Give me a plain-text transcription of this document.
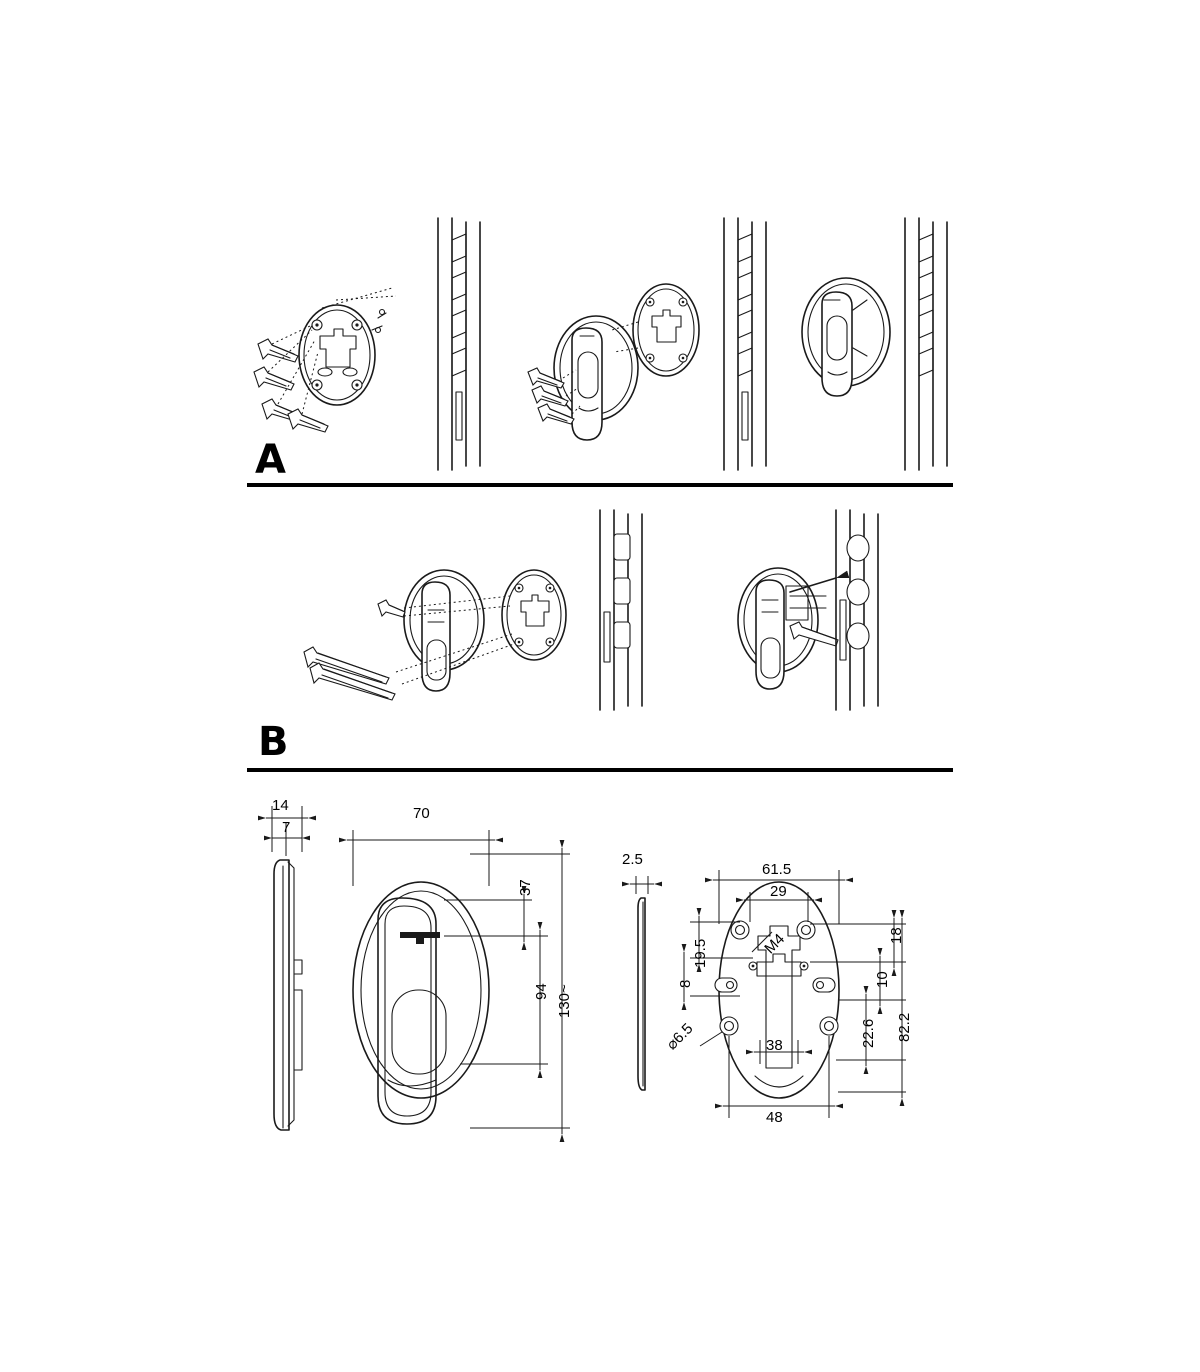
A
B
14
7
70
37
94 130~
2.5
61.5
29
19.5
8
M4
⌀6.5	38
48
18
10
22.6 82.2
